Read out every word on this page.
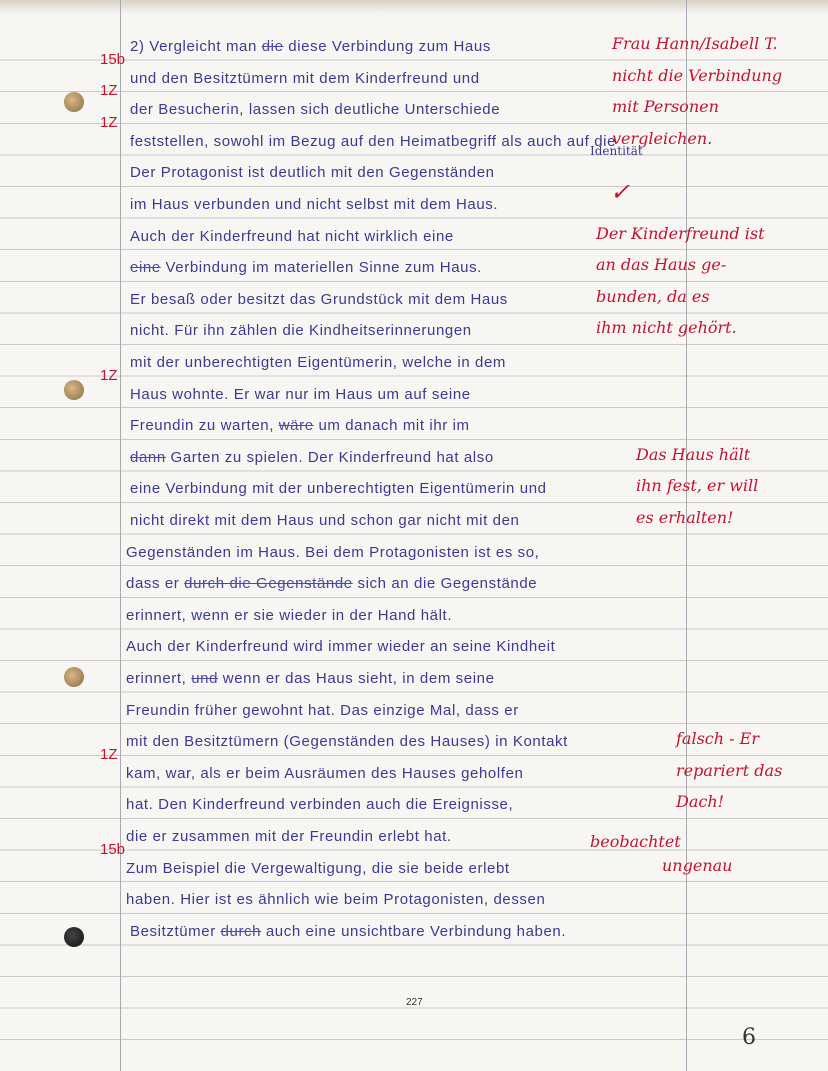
2) Vergleicht man die diese Verbindung zum Haus
und den Besitztümern mit dem Kinderfreund und
der Besucherin, lassen sich deutliche Unterschiede
feststellen, sowohl im Bezug auf den Heimatbegriff als auch auf die
Der Protagonist ist deutlich mit den Gegenständen
im Haus verbunden und nicht selbst mit dem Haus.
Auch der Kinderfreund hat nicht wirklich eine
eine Verbindung im materiellen Sinne zum Haus.
Er besaß oder besitzt das Grundstück mit dem Haus
nicht. Für ihn zählen die Kindheitserinnerungen
mit der unberechtigten Eigentümerin, welche in dem
Haus wohnte. Er war nur im Haus um auf seine
Freundin zu warten, wäre um danach mit ihr im
dann Garten zu spielen. Der Kinderfreund hat also
eine Verbindung mit der unberechtigten Eigentümerin und
nicht direkt mit dem Haus und schon gar nicht mit den
Gegenständen im Haus. Bei dem Protagonisten ist es so,
dass er durch die Gegenstände sich an die Gegenstände
erinnert, wenn er sie wieder in der Hand hält.
Auch der Kinderfreund wird immer wieder an seine Kindheit
erinnert, und wenn er das Haus sieht, in dem seine
Freundin früher gewohnt hat. Das einzige Mal, dass er
mit den Besitztümern (Gegenständen des Hauses) in Kontakt
kam, war, als er beim Ausräumen des Hauses geholfen
hat. Den Kinderfreund verbinden auch die Ereignisse,
die er zusammen mit der Freundin erlebt hat.
Zum Beispiel die Vergewaltigung, die sie beide erlebt
haben. Hier ist es ähnlich wie beim Protagonisten, dessen
Besitztümer durch auch eine unsichtbare Verbindung haben.
Frau Hann/Isabell T.
nicht die Verbindung
mit Personen
vergleichen.
Identität
✓
Der Kinderfreund ist
an das Haus ge-
bunden, da es
ihm nicht gehört.
Das Haus hält
ihn fest, er will
es erhalten!
falsch - Er
repariert das
Dach!
beobachtet
ungenau
15b
1Z
1Z
1Z
1Z
15b
227
6
